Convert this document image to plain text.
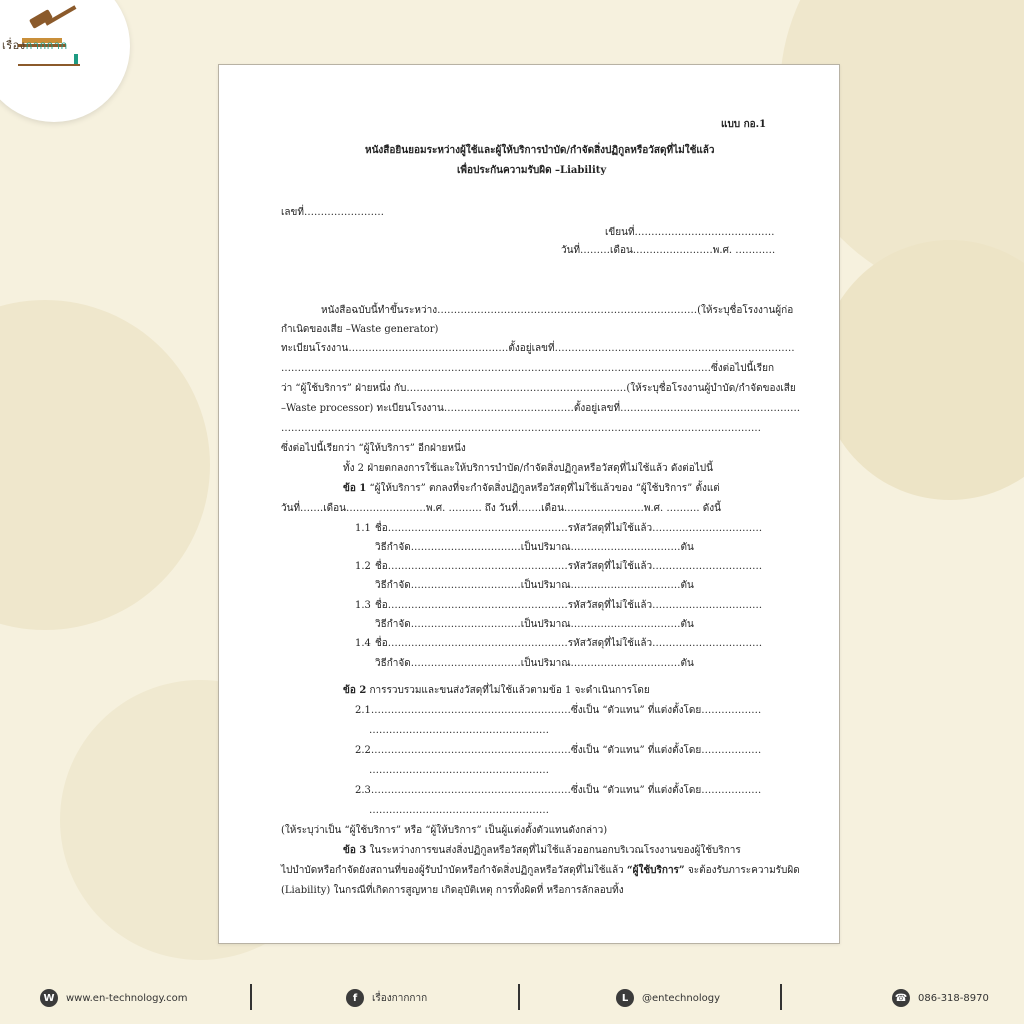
เรื่องกากกาก
แบบ กอ.1
หนังสือยินยอมระหว่างผู้ใช้และผู้ให้บริการบำบัด/กำจัดสิ่งปฏิกูลหรือวัสดุที่ไม่ใช้แล้ว
เพื่อประกันความรับผิด –Liability
เลขที่……………………
เขียนที่……………………………………
วันที่………เดือน……………………พ.ศ. …………
หนังสือฉบับนี้ทำขึ้นระหว่าง……………………………………………………………………(ให้ระบุชื่อโรงงานผู้ก่อ
กำเนิดของเสีย –Waste generator)
ทะเบียนโรงงาน…………………………………………ตั้งอยู่เลขที่………………………………………………………………
…………………………………………………………………………………………………………………ซึ่งต่อไปนี้เรียก
ว่า “ผู้ใช้บริการ” ฝ่ายหนึ่ง กับ…………………………………………………………(ให้ระบุชื่อโรงงานผู้บำบัด/กำจัดของเสีย
–Waste processor) ทะเบียนโรงงาน…………………………………ตั้งอยู่เลขที่………………………………………………
………………………………………………………………………………………………………………………………
ซึ่งต่อไปนี้เรียกว่า “ผู้ให้บริการ” อีกฝ่ายหนึ่ง
ทั้ง 2 ฝ่ายตกลงการใช้และให้บริการบำบัด/กำจัดสิ่งปฏิกูลหรือวัสดุที่ไม่ใช้แล้ว ดังต่อไปนี้
ข้อ 1 “ผู้ให้บริการ” ตกลงที่จะกำจัดสิ่งปฏิกูลหรือวัสดุที่ไม่ใช้แล้วของ “ผู้ใช้บริการ” ตั้งแต่
วันที่…….เดือน……………………พ.ศ. ………. ถึง วันที่…….เดือน……………………พ.ศ. ………. ดังนี้
1.1 ชื่อ………………………………………………รหัสวัสดุที่ไม่ใช้แล้ว……………………………
วิธีกำจัด……………………………เป็นปริมาณ……………………………ตัน
1.2 ชื่อ………………………………………………รหัสวัสดุที่ไม่ใช้แล้ว……………………………
วิธีกำจัด……………………………เป็นปริมาณ……………………………ตัน
1.3 ชื่อ………………………………………………รหัสวัสดุที่ไม่ใช้แล้ว……………………………
วิธีกำจัด……………………………เป็นปริมาณ……………………………ตัน
1.4 ชื่อ………………………………………………รหัสวัสดุที่ไม่ใช้แล้ว……………………………
วิธีกำจัด……………………………เป็นปริมาณ……………………………ตัน
ข้อ 2 การรวบรวมและขนส่งวัสดุที่ไม่ใช้แล้วตามข้อ 1 จะดำเนินการโดย
2.1……………………………………………………ซึ่งเป็น “ตัวแทน” ที่แต่งตั้งโดย………………
………………………………………………
2.2……………………………………………………ซึ่งเป็น “ตัวแทน” ที่แต่งตั้งโดย………………
………………………………………………
2.3……………………………………………………ซึ่งเป็น “ตัวแทน” ที่แต่งตั้งโดย………………
………………………………………………
(ให้ระบุว่าเป็น “ผู้ใช้บริการ” หรือ “ผู้ให้บริการ” เป็นผู้แต่งตั้งตัวแทนดังกล่าว)
ข้อ 3 ในระหว่างการขนส่งสิ่งปฏิกูลหรือวัสดุที่ไม่ใช้แล้วออกนอกบริเวณโรงงานของผู้ใช้บริการ
ไปบำบัดหรือกำจัดยังสถานที่ของผู้รับบำบัดหรือกำจัดสิ่งปฏิกูลหรือวัสดุที่ไม่ใช้แล้ว “ผู้ใช้บริการ” จะต้องรับภาระความรับผิด
(Liability) ในกรณีที่เกิดการสูญหาย เกิดอุบัติเหตุ การทิ้งผิดที่ หรือการลักลอบทิ้ง
W	www.en-technology.com	f	เรื่องกากกาก	L	@entechnology	☎ 086-318-8970
